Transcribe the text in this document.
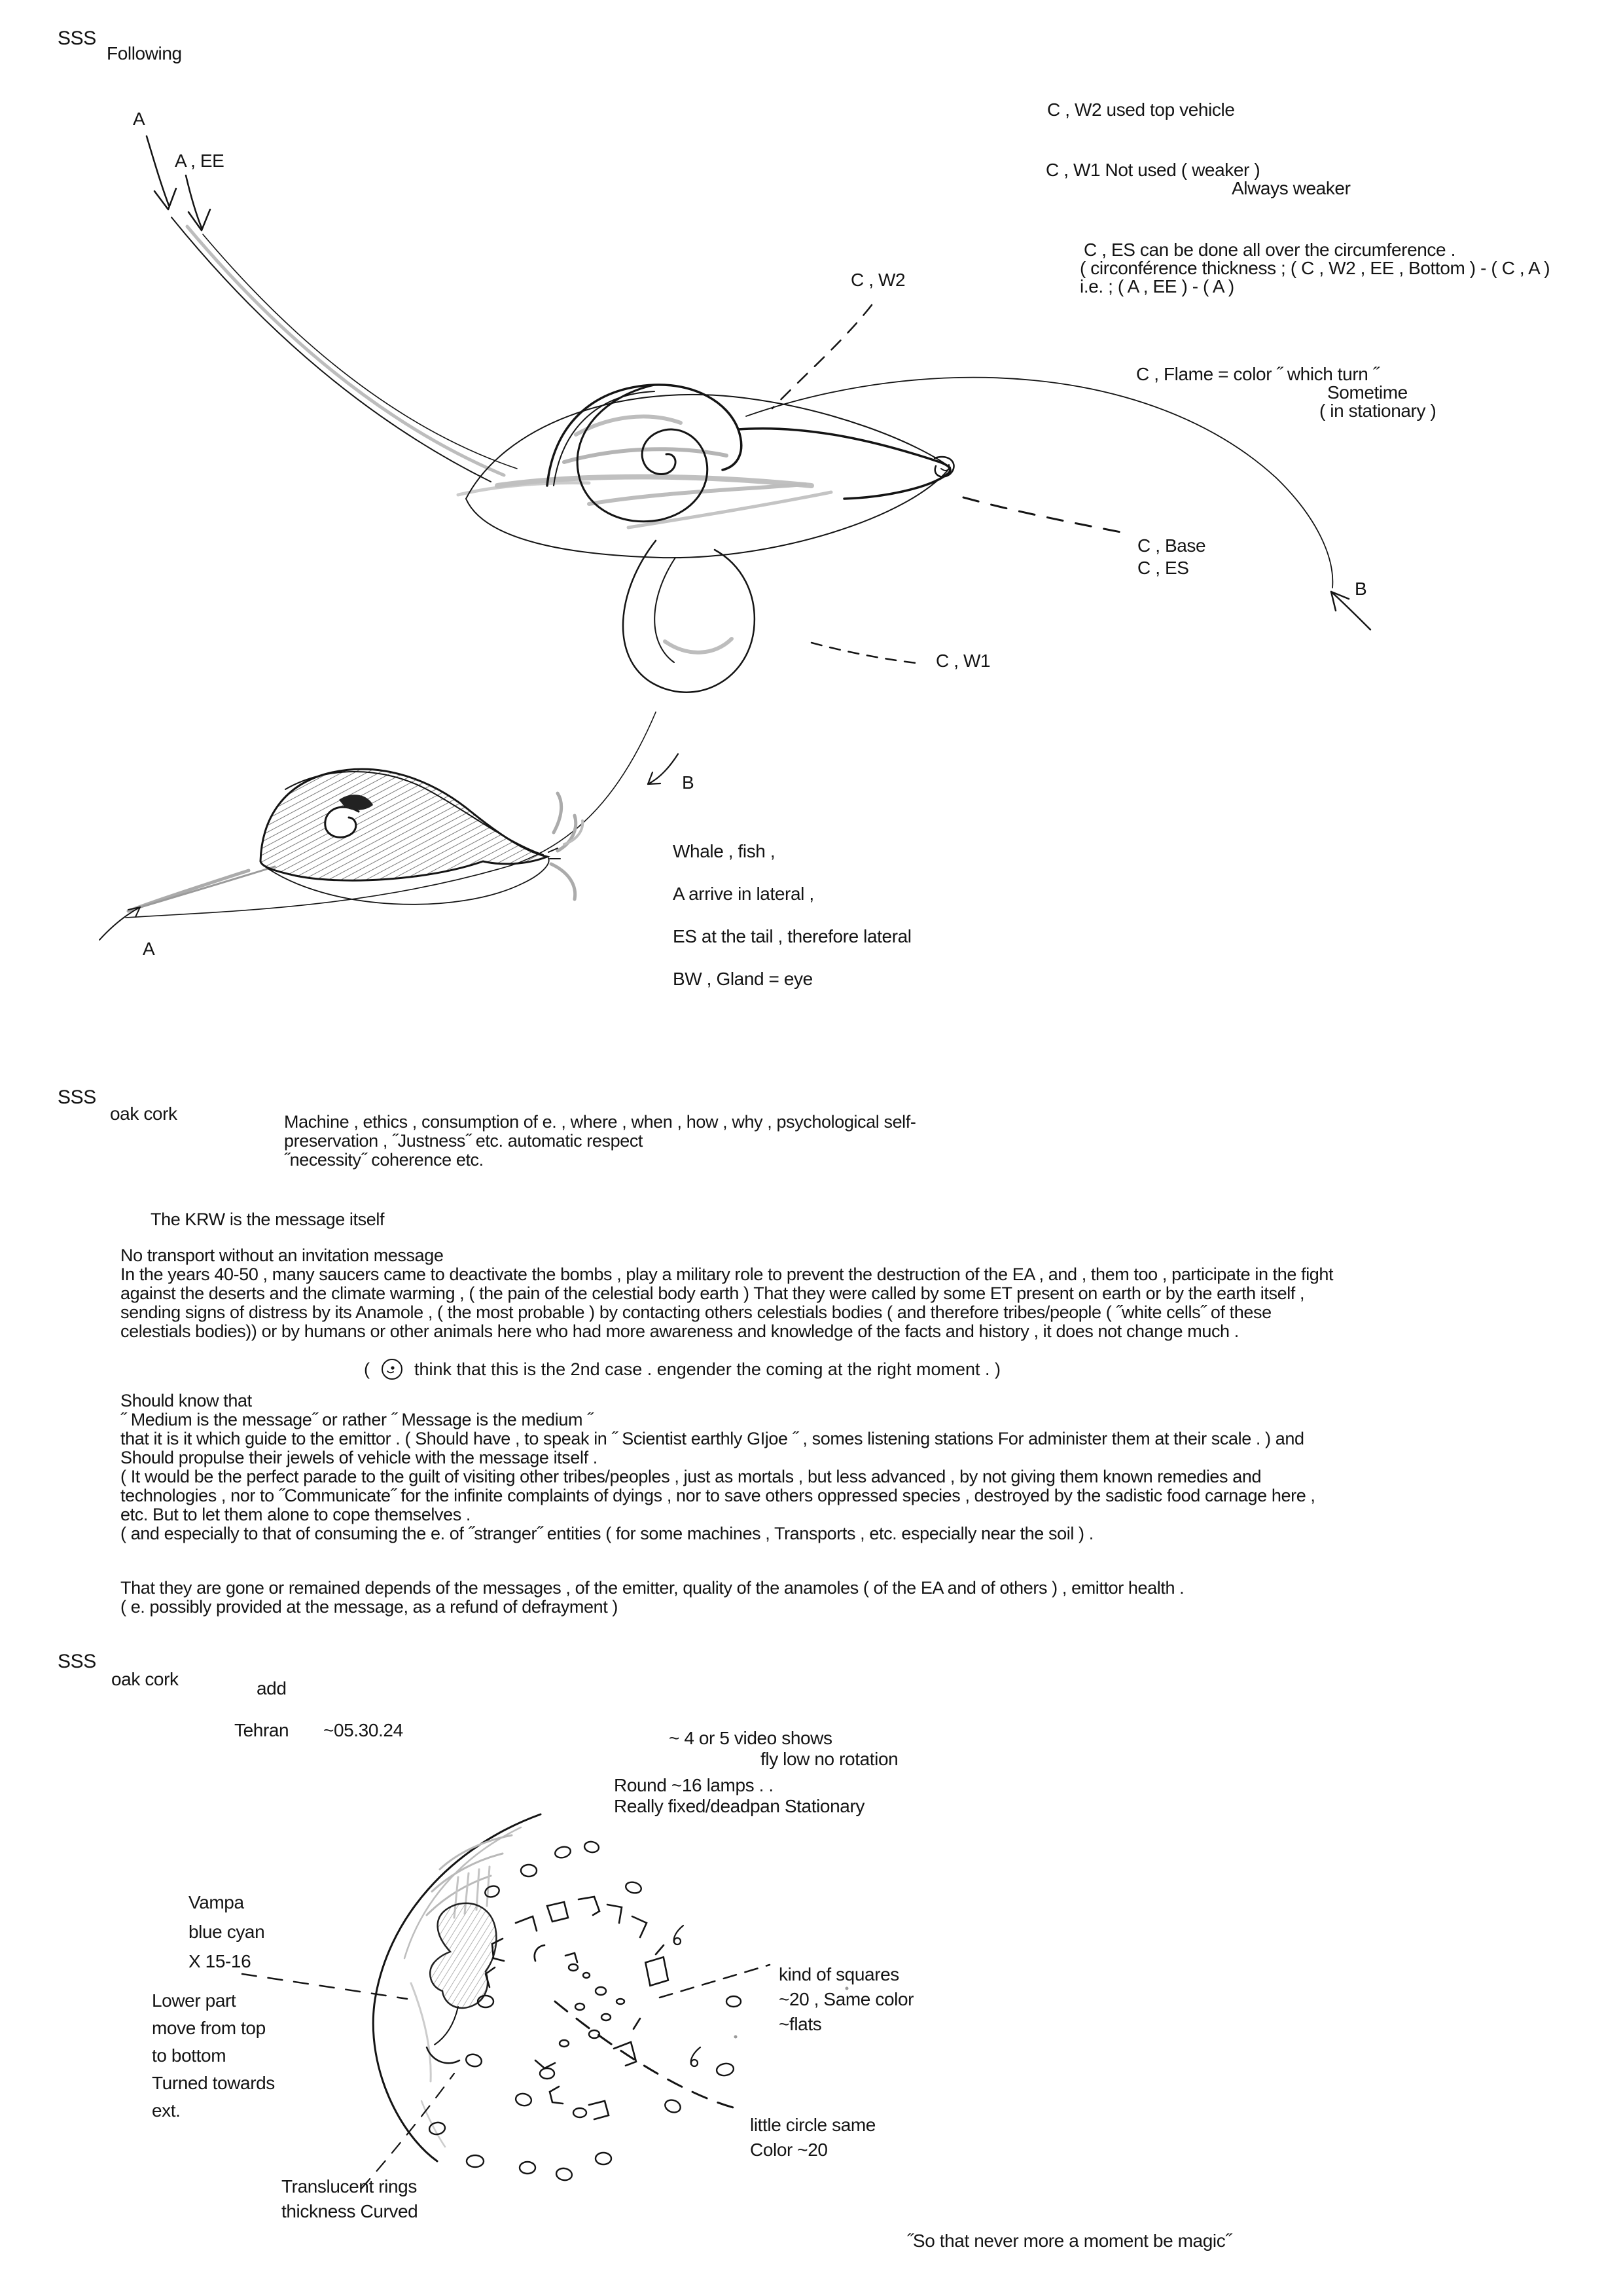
SSS
Following
A
A , EE
C , W2
C , Base
C , ES
C , W1
B
C , W2 used top vehicle
C , W1 Not used ( weaker )
Always weaker
C , ES can be done all over the circumference .
( circonférence thickness ; ( C , W2 , EE , Bottom ) - ( C , A )
i.e. ; ( A , EE ) - ( A )
C , Flame = color ˝ which turn ˝
Sometime
( in stationary )
B
A
Whale , fish ,
A arrive in lateral ,
ES at the tail , therefore lateral
BW , Gland = eye
SSS
oak cork	Machine , ethics , consumption of e. , where , when , how , why , psychological self-
preservation , ˝Justness˝ etc. automatic respect
˝necessity˝ coherence etc.
The KRW is the message itself
No transport without an invitation message
In the years 40-50 , many saucers came to deactivate the bombs , play a military role to prevent the destruction of the EA , and , them too , participate in the fight
against the deserts and the climate warming , ( the pain of the celestial body earth ) That they were called by some ET present on earth or by the earth itself ,
sending signs of distress by its Anamole , ( the most probable ) by contacting others celestials bodies ( and therefore tribes/people ( ˝white cells˝ of these
celestials bodies)) or by humans or other animals here who had more awareness and knowledge of the facts and history , it does not change much .
(	think that this is the 2nd case . engender the coming at the right moment . )
Should know that
˝ Medium is the message˝ or rather ˝ Message is the medium ˝
that it is it which guide to the emittor . ( Should have , to speak in ˝ Scientist earthly GIjoe ˝ , somes listening stations For administer them at their scale . ) and
Should propulse their jewels of vehicle with the message itself .
( It would be the perfect parade to the guilt of visiting other tribes/peoples , just as mortals , but less advanced , by not giving them known remedies and
technologies , nor to ˝Communicate˝ for the infinite complaints of dyings , nor to save others oppressed species , destroyed by the sadistic food carnage here ,
etc. But to let them alone to cope themselves .
( and especially to that of consuming the e. of ˝stranger˝ entities ( for some machines , Transports , etc. especially near the soil ) .
That they are gone or remained depends of the messages , of the emitter, quality of the anamoles ( of the EA and of others ) , emittor health .
( e. possibly provided at the message, as a refund of defrayment )
SSS
oak cork	add
Tehran ~05.30.24	~ 4 or 5 video shows
fly low no rotation
Round ~16 lamps . .
Really fixed/deadpan Stationary
Vampa
blue cyan
X 15-16
Lower part
move from top
to bottom
Turned towards
ext.
kind of squares
~20 , Same color
~flats
little circle same
Color ~20
Translucent rings
thickness Curved
˝So that never more a moment be magic˝
